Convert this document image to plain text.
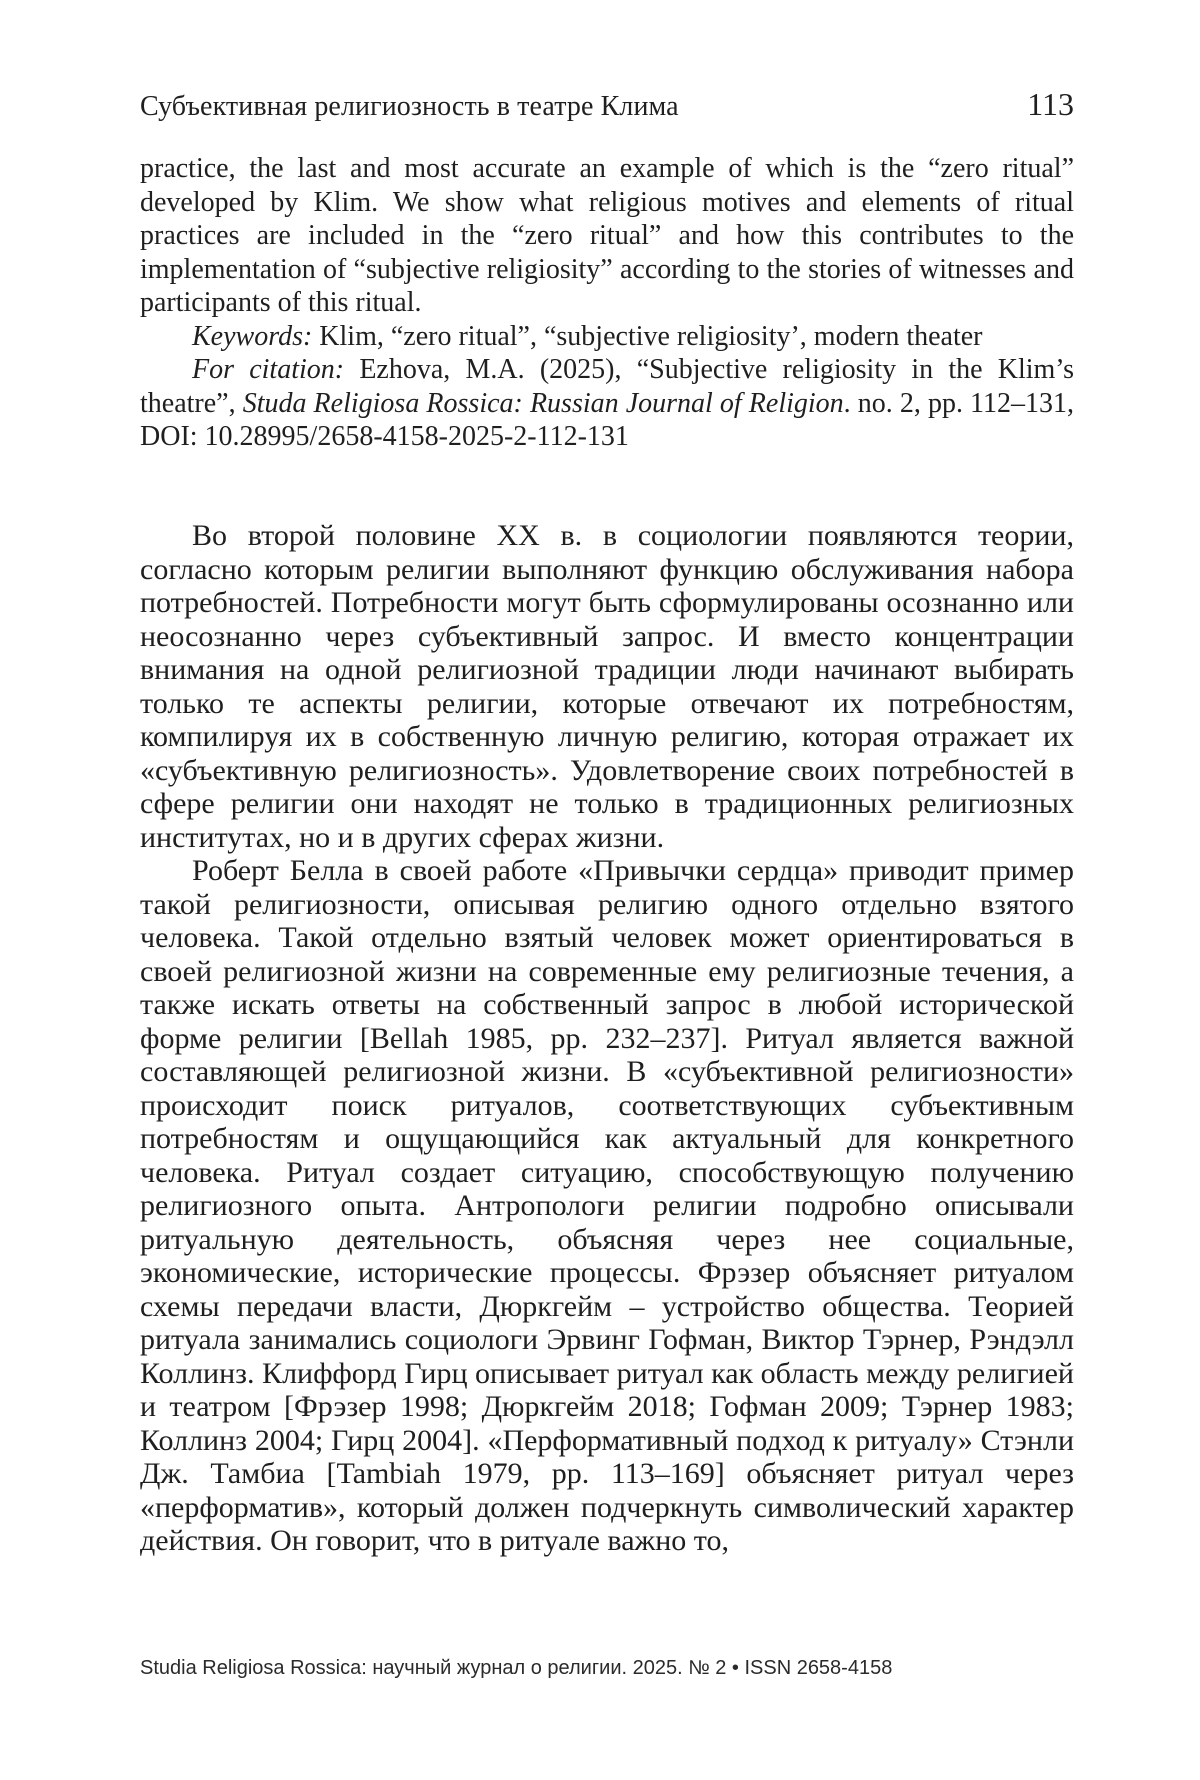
Субъективная религиозность в театре Клима	113

practice, the last and most accurate an example of which is the “zero ritual” developed by Klim. We show what religious motives and elements of ritual practices are included in the “zero ritual” and how this contributes to the implementation of “subjective religiosity” according to the stories of witnesses and participants of this ritual.

Keywords: Klim, “zero ritual”, “subjective religiosity’, modern theater

For citation: Ezhova, M.A. (2025), “Subjective religiosity in the Klim’s theatre”, Studa Religiosa Rossica: Russian Journal of Religion. no. 2, pp. 112–131, DOI: 10.28995/2658-4158-2025-2-112-131

Во второй половине XX в. в социологии появляются теории, согласно которым религии выполняют функцию обслуживания набора потребностей. Потребности могут быть сформулированы осознанно или неосознанно через субъективный запрос. И вместо концентрации внимания на одной религиозной традиции люди начинают выбирать только те аспекты религии, которые отвечают их потребностям, компилируя их в собственную личную религию, которая отражает их «субъективную религиозность». Удовлетворение своих потребностей в сфере религии они находят не только в традиционных религиозных институтах, но и в других сферах жизни.

Роберт Белла в своей работе «Привычки сердца» приводит пример такой религиозности, описывая религию одного отдельно взятого человека. Такой отдельно взятый человек может ориентироваться в своей религиозной жизни на современные ему религиозные течения, а также искать ответы на собственный запрос в любой исторической форме религии [Bellah 1985, pp. 232–237]. Ритуал является важной составляющей религиозной жизни. В «субъективной религиозности» происходит поиск ритуалов, соответствующих субъективным потребностям и ощущающийся как актуальный для конкретного человека. Ритуал создает ситуацию, способствующую получению религиозного опыта. Антропологи религии подробно описывали ритуальную деятельность, объясняя через нее социальные, экономические, исторические процессы. Фрэзер объясняет ритуалом схемы передачи власти, Дюркгейм – устройство общества. Теорией ритуала занимались социологи Эрвинг Гофман, Виктор Тэрнер, Рэндэлл Коллинз. Клиффорд Гирц описывает ритуал как область между религией и театром [Фрэзер 1998; Дюркгейм 2018; Гофман 2009; Тэрнер 1983; Коллинз 2004; Гирц 2004]. «Перформативный подход к ритуалу» Стэнли Дж. Тамбиа [Tambiah 1979, pp. 113–169] объясняет ритуал через «перформатив», который должен подчеркнуть символический характер действия. Он говорит, что в ритуале важно то,

Studia Religiosa Rossica: научный журнал о религии. 2025. № 2 • ISSN 2658-4158
